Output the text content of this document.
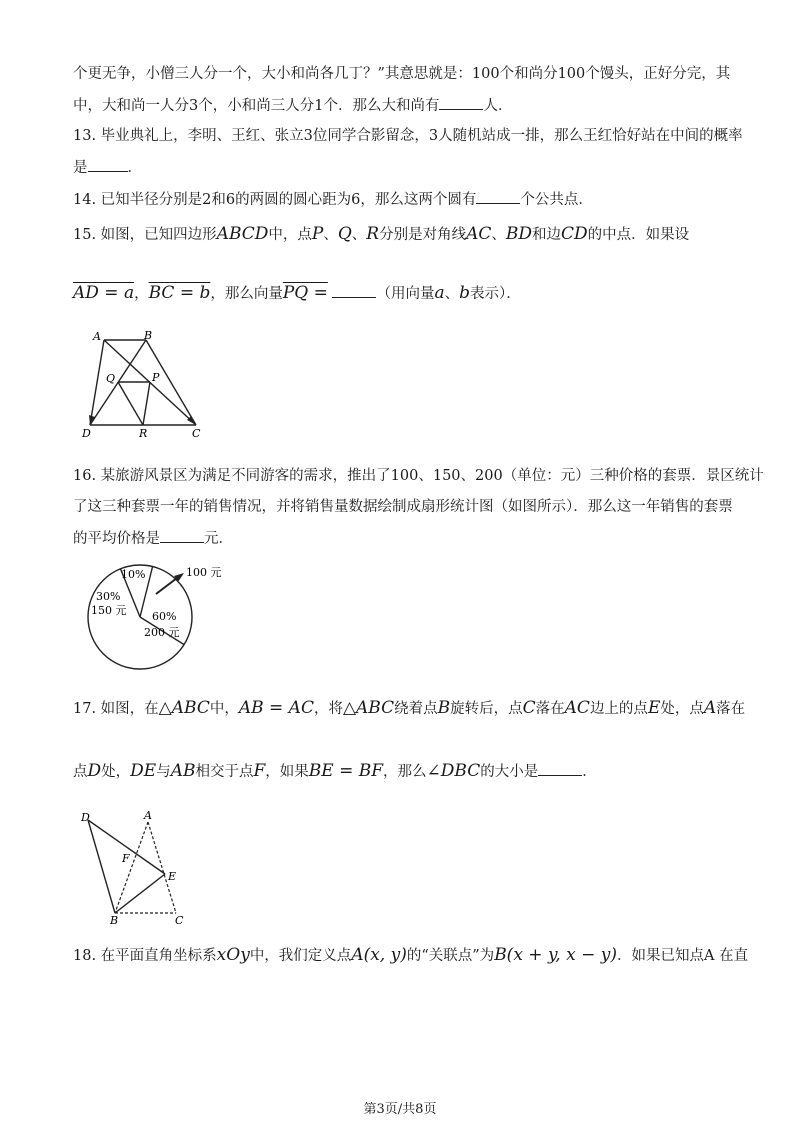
个更无争，小僧三人分一个，大小和尚各几丁？”其意思就是：100个和尚分100个馒头，正好分完，其
中，大和尚一人分3个，小和尚三人分1个．那么大和尚有	人．
13. 毕业典礼上，李明、王红、张立3位同学合影留念，3人随机站成一排，那么王红恰好站在中间的概率
是	．
14. 已知半径分别是2和6的两圆的圆心距为6，那么这两个圆有	个公共点．
15. 如图，已知四边形ABCD中，点P、Q、R分别是对角线AC、BD和边CD的中点．如果设
AD = a，BC = b，那么向量PQ =	（用向量a、b表示）．
A	B
C
D
P
Q
R
16. 某旅游风景区为满足不同游客的需求，推出了100、150、200（单位：元）三种价格的套票．景区统计
了这三种套票一年的销售情况，并将销售量数据绘制成扇形统计图（如图所示）．那么这一年销售的套票
的平均价格是	元．
100 元
10%
30%
150 元 60%
200 元
17. 如图，在△ABC中，AB = AC，将△ABC绕着点B旋转后，点C落在AC边上的点E处，点A落在
点D处，DE与AB相交于点F，如果BE = BF，那么∠DBC的大小是	．
D	A
F
E
B	C
18. 在平面直角坐标系xOy中，我们定义点A(x, y)的“关联点”为B(x + y, x − y)．如果已知点A 在直
第3页/共8页
